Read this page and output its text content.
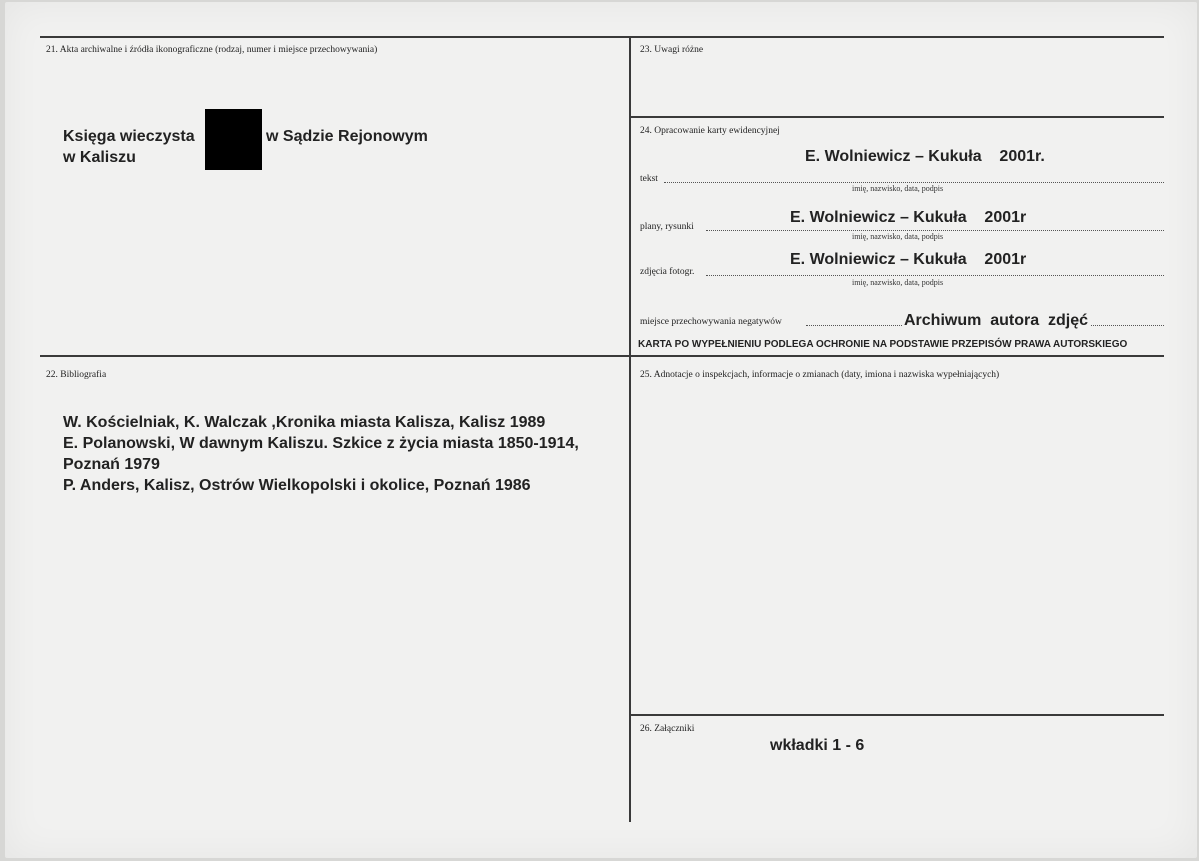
21. Akta archiwalne i źródła ikonograficzne (rodzaj, numer i miejsce przechowywania)
Księga wieczysta	w Sądzie Rejonowym
w Kaliszu
23. Uwagi różne
24. Opracowanie karty ewidencyjnej
E. Wolniewicz – Kukuła    2001r.
tekst
imię, nazwisko, data, podpis
E. Wolniewicz – Kukuła    2001r
plany, rysunki
imię, nazwisko, data, podpis
E. Wolniewicz – Kukuła    2001r
zdjęcia fotogr.
imię, nazwisko, data, podpis
miejsce przechowywania negatywów	Archiwum  autora  zdjęć
KARTA PO WYPEŁNIENIU PODLEGA OCHRONIE NA PODSTAWIE PRZEPISÓW PRAWA AUTORSKIEGO
22. Bibliografia
W. Kościelniak, K. Walczak ,Kronika miasta Kalisza, Kalisz 1989
E. Polanowski, W dawnym Kaliszu. Szkice z życia miasta 1850-1914,
Poznań 1979
P. Anders, Kalisz, Ostrów Wielkopolski i okolice, Poznań 1986
25. Adnotacje o inspekcjach, informacje o zmianach (daty, imiona i nazwiska wypełniających)
26. Załączniki
wkładki 1 - 6
